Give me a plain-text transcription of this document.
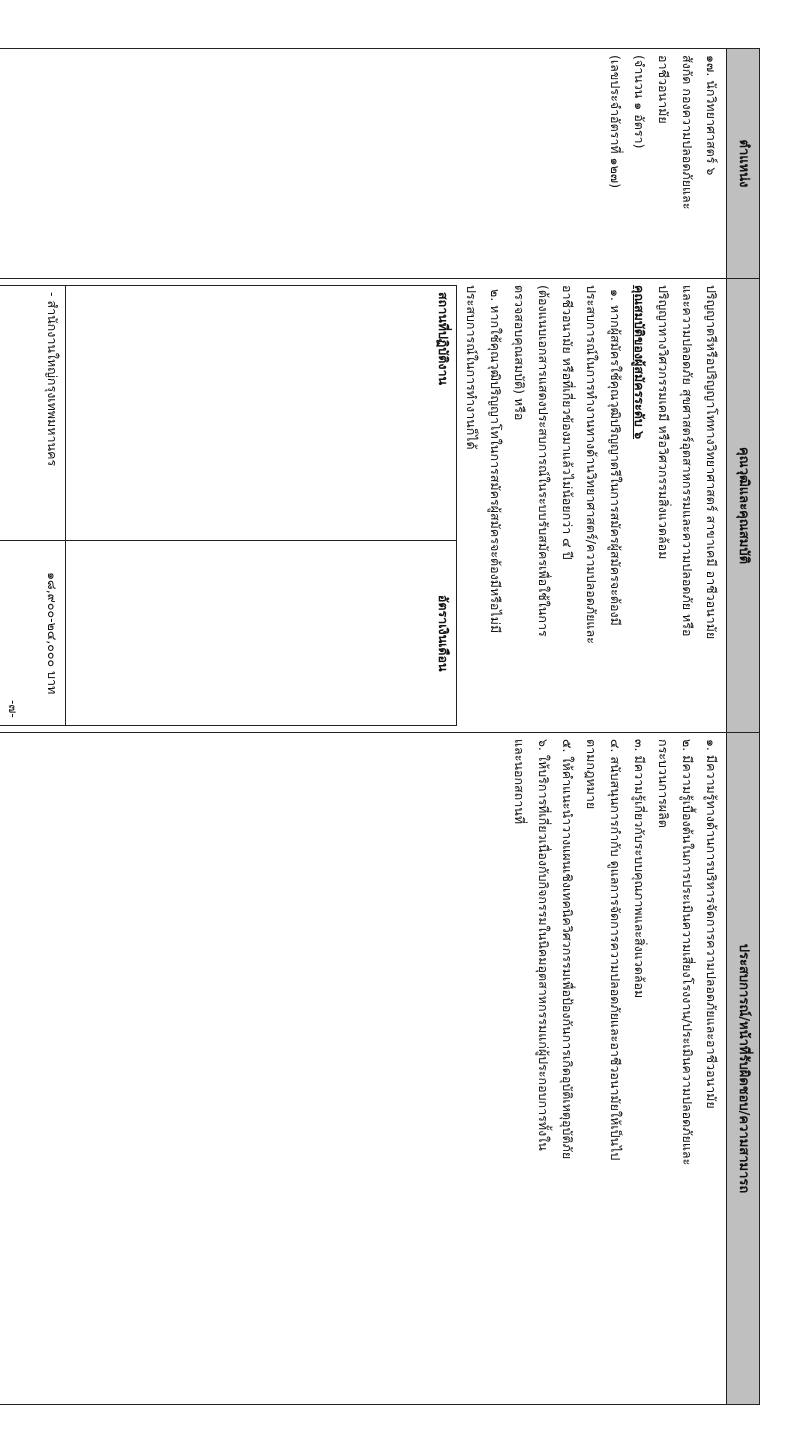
-๗-
ตำแหน่ง	คุณวุฒิและคุณสมบัติ	ประสบการณ์/หน้าที่รับผิดชอบ/ความสามารถ

๑๗. นักวิทยาศาสตร์ ๖
สังกัด กองความปลอดภัยและ
อาชีวอนามัย
(จำนวน ๑ อัตรา)
(เลขประจำอัตราที่ ๑๒๗)

ปริญญาตรีหรือปริญญาโททางวิทยาศาสตร์ สาขาเคมี อาชีวอนามัย
และความปลอดภัย สุขศาสตร์อุตสาหกรรมและความปลอดภัย หรือ
ปริญญาทางวิศวกรรมเคมี หรือวิศวกรรมสิ่งแวดล้อม
คุณสมบัติของผู้สมัครระดับ ๖
๑. หากผู้สมัครใช้คุณวุฒิปริญญาตรีในการสมัครผู้สมัครจะต้องมี
ประสบการณ์ในการทำงานทางด้านวิทยาศาสตร์/ความปลอดภัยและ
อาชีวอนามัย หรือที่เกี่ยวข้องมาแล้วไม่น้อยกว่า ๔ ปี
(ต้องแนบเอกสารแสดงประสบการณ์ในระบบรับสมัครเพื่อใช้ในการ
ตรวจสอบคุณสมบัติ) หรือ
๒. หากใช้คุณวุฒิปริญญาโทในการสมัครผู้สมัครจะต้องมีหรือไม่มี
ประสบการณ์ในการทำงานก็ได้
สถานที่ปฏิบัติงาน	อัตราเงินเดือน
- สำนักงานใหญ่กรุงเทพมหานคร	๑๘,๙๐๐-๒๔,๐๐๐ บาท

๑. มีความรู้ทางด้านการบริหารจัดการความปลอดภัยและอาชีวอนามัย
๒. มีความรู้เบื้องต้นในการประเมินความเสี่ยงโรงงาน/ประเมินความปลอดภัยและ
กระบวนการผลิต
๓. มีความรู้เกี่ยวกับระบบคุณภาพและสิ่งแวดล้อม
๔. สนับสนุนการกำกับ ดูแลการจัดการความปลอดภัยและอาชีวอนามัยให้เป็นไป
ตามกฎหมาย
๕. ให้คำแนะนำวางแผนเชิงเทคนิควิศวกรรมเพื่อป้องกันการเกิดอุบัติเหตุอุบัติภัย
๖. ให้บริการที่เกี่ยวเนื่องกับกิจกรรมในนิคมอุตสาหกรรมแก่ผู้ประกอบการทั้งใน
และนอกสถานที่
